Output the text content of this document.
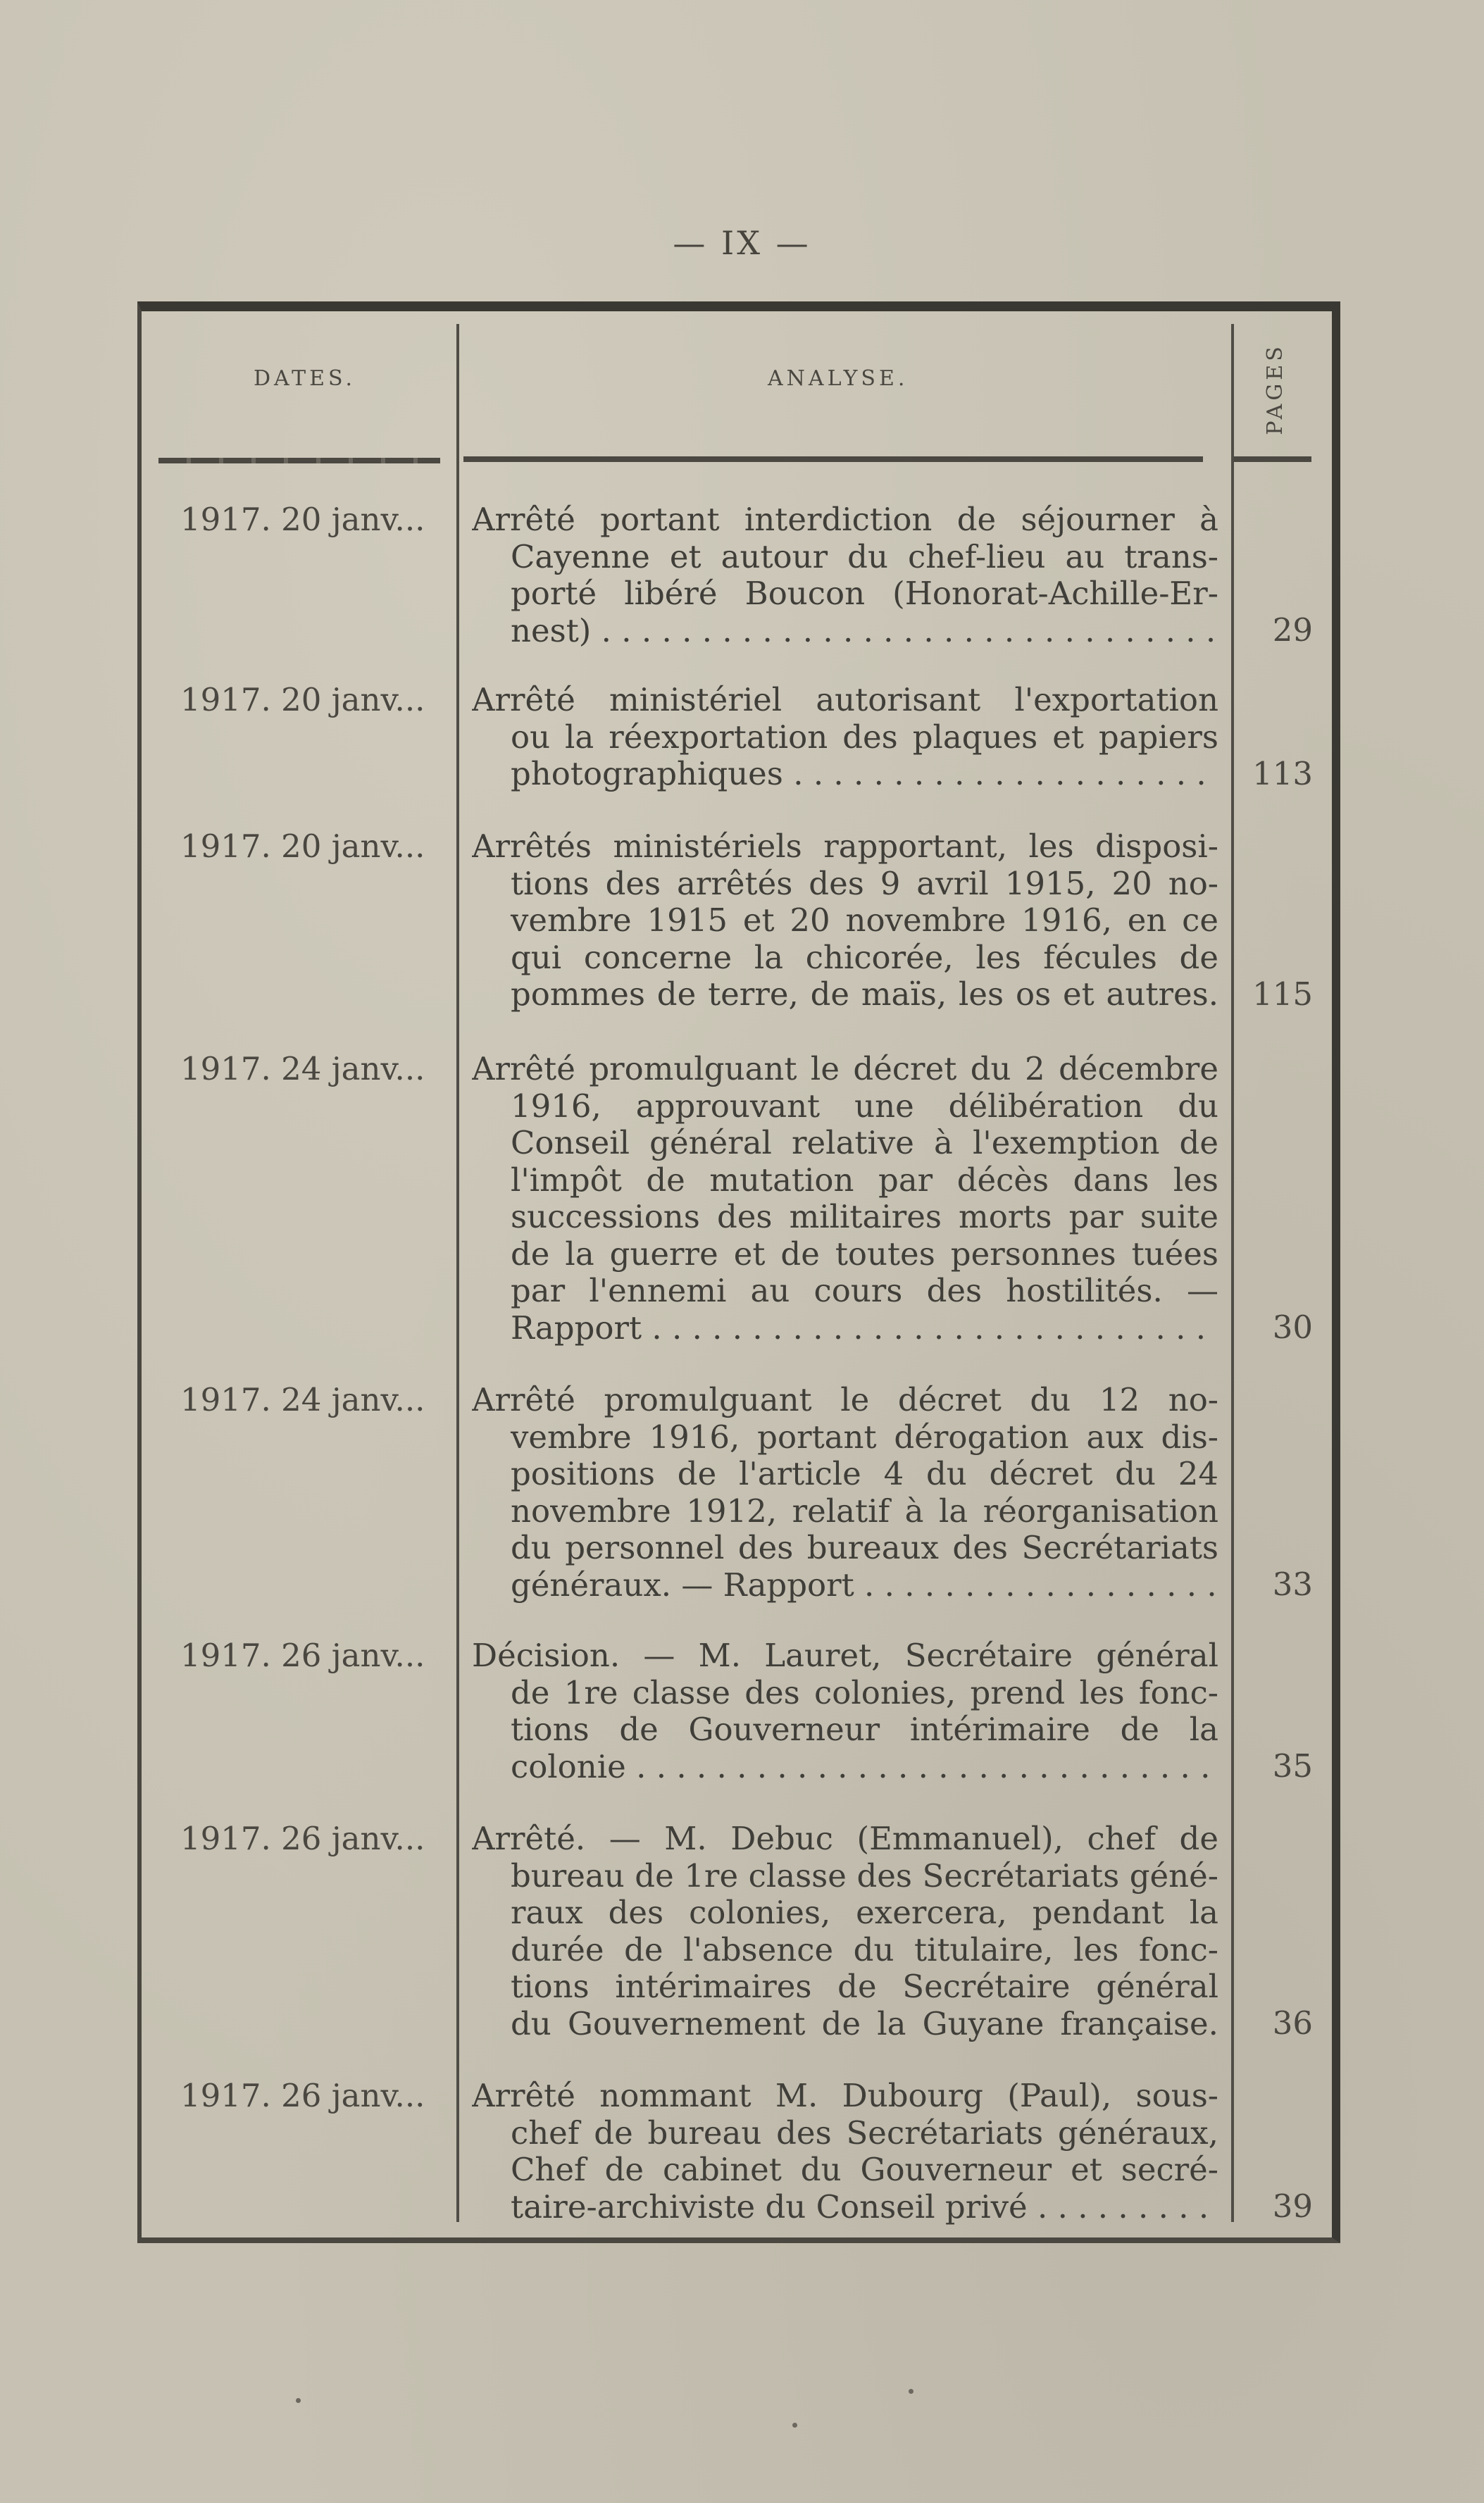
— IX —
DATES.	ANALYSE.	PAGES
1917. 20 janv... Arrêté portant interdiction de séjourner à
Cayenne et autour du chef-lieu au trans-
porté libéré Boucon (Honorat-Achille-Er-
nest) . . .	29
1917. 20 janv... Arrêté ministériel autorisant l'exportation
ou la réexportation des plaques et papiers
photographiques . . .	113
1917. 20 janv... Arrêtés ministériels rapportant, les disposi-
tions des arrêtés des 9 avril 1915, 20 no-
vembre 1915 et 20 novembre 1916, en ce
qui concerne la chicorée, les fécules de
pommes de terre, de maïs, les os et autres.	115
1917. 24 janv... Arrêté promulguant le décret du 2 décembre
1916, approuvant une délibération du
Conseil général relative à l'exemption de
l'impôt de mutation par décès dans les
successions des militaires morts par suite
de la guerre et de toutes personnes tuées
par l'ennemi au cours des hostilités. —
Rapport . . .	30
1917. 24 janv... Arrêté promulguant le décret du 12 no-
vembre 1916, portant dérogation aux dis-
positions de l'article 4 du décret du 24
novembre 1912, relatif à la réorganisation
du personnel des bureaux des Secrétariats
généraux. — Rapport . . .	33
1917. 26 janv... Décision. — M. Lauret, Secrétaire général
de 1re classe des colonies, prend les fonc-
tions de Gouverneur intérimaire de la
colonie . . .	35
1917. 26 janv... Arrêté. — M. Debuc (Emmanuel), chef de
bureau de 1re classe des Secrétariats géné-
raux des colonies, exercera, pendant la
durée de l'absence du titulaire, les fonc-
tions intérimaires de Secrétaire général
du Gouvernement de la Guyane française.	36
1917. 26 janv... Arrêté nommant M. Dubourg (Paul), sous-
chef de bureau des Secrétariats généraux,
Chef de cabinet du Gouverneur et secré-
taire-archiviste du Conseil privé . . .	39
